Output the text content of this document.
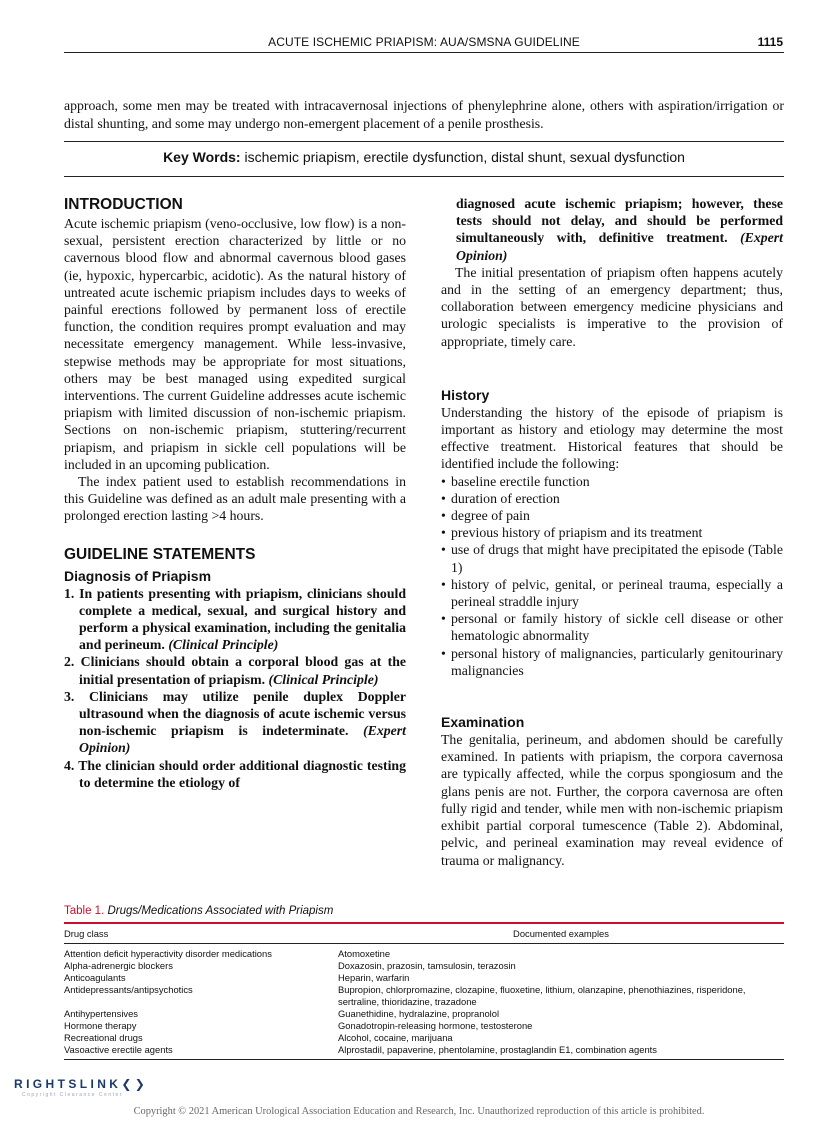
ACUTE ISCHEMIC PRIAPISM: AUA/SMSNA GUIDELINE	1115
approach, some men may be treated with intracavernosal injections of phenylephrine alone, others with aspiration/irrigation or distal shunting, and some may undergo non-emergent placement of a penile prosthesis.
Key Words: ischemic priapism, erectile dysfunction, distal shunt, sexual dysfunction
INTRODUCTION

Acute ischemic priapism (veno-occlusive, low flow) is a non-sexual, persistent erection characterized by little or no cavernous blood flow and abnormal cavernous blood gases (ie, hypoxic, hypercarbic, acidotic). As the natural history of untreated acute ischemic priapism includes days to weeks of painful erections followed by permanent loss of erectile function, the condition requires prompt evaluation and may necessitate emergency management. While less-invasive, stepwise methods may be appropriate for most situations, others may be best managed using expedited surgical interventions. The current Guideline addresses acute ischemic priapism with limited discussion of non-ischemic priapism. Sections on non-ischemic priapism, stuttering/recurrent priapism, and priapism in sickle cell populations will be included in an upcoming publication.

The index patient used to establish recommendations in this Guideline was defined as an adult male presenting with a prolonged erection lasting >4 hours.

GUIDELINE STATEMENTS
Diagnosis of Priapism
1. In patients presenting with priapism, clinicians should complete a medical, sexual, and surgical history and perform a physical examination, including the genitalia and perineum. (Clinical Principle)
2. Clinicians should obtain a corporal blood gas at the initial presentation of priapism. (Clinical Principle)
3. Clinicians may utilize penile duplex Doppler ultrasound when the diagnosis of acute ischemic versus non-ischemic priapism is indeterminate. (Expert Opinion)
4. The clinician should order additional diagnostic testing to determine the etiology of
diagnosed acute ischemic priapism; however, these tests should not delay, and should be performed simultaneously with, definitive treatment. (Expert Opinion)

The initial presentation of priapism often happens acutely and in the setting of an emergency department; thus, collaboration between emergency medicine physicians and urologic specialists is imperative to the provision of appropriate, timely care.

History

Understanding the history of the episode of priapism is important as history and etiology may determine the most effective treatment. Historical features that should be identified include the following:

• baseline erectile function
• duration of erection
• degree of pain
• previous history of priapism and its treatment
• use of drugs that might have precipitated the episode (Table 1)
• history of pelvic, genital, or perineal trauma, especially a perineal straddle injury
• personal or family history of sickle cell disease or other hematologic abnormality
• personal history of malignancies, particularly genitourinary malignancies
Examination

The genitalia, perineum, and abdomen should be carefully examined. In patients with priapism, the corpora cavernosa are typically affected, while the corpus spongiosum and the glans penis are not. Further, the corpora cavernosa are often fully rigid and tender, while men with non-ischemic priapism exhibit partial corporal tumescence (Table 2). Abdominal, pelvic, and perineal examination may reveal evidence of trauma or malignancy.

Table 1. Drugs/Medications Associated with Priapism
Drug class	Documented examples
Attention deficit hyperactivity disorder medications	Atomoxetine
Alpha-adrenergic blockers	Doxazosin, prazosin, tamsulosin, terazosin
Anticoagulants	Heparin, warfarin
Antidepressants/antipsychotics	Bupropion, chlorpromazine, clozapine, fluoxetine, lithium, olanzapine, phenothiazines, risperidone, sertraline, thioridazine, trazadone
Antihypertensives	Guanethidine, hydralazine, propranolol
Hormone therapy	Gonadotropin-releasing hormone, testosterone
Recreational drugs	Alcohol, cocaine, marijuana
Vasoactive erectile agents	Alprostadil, papaverine, phentolamine, prostaglandin E1, combination agents
RIGHTSLINK❮❯
Copyright Clearance Center
Copyright © 2021 American Urological Association Education and Research, Inc. Unauthorized reproduction of this article is prohibited.
